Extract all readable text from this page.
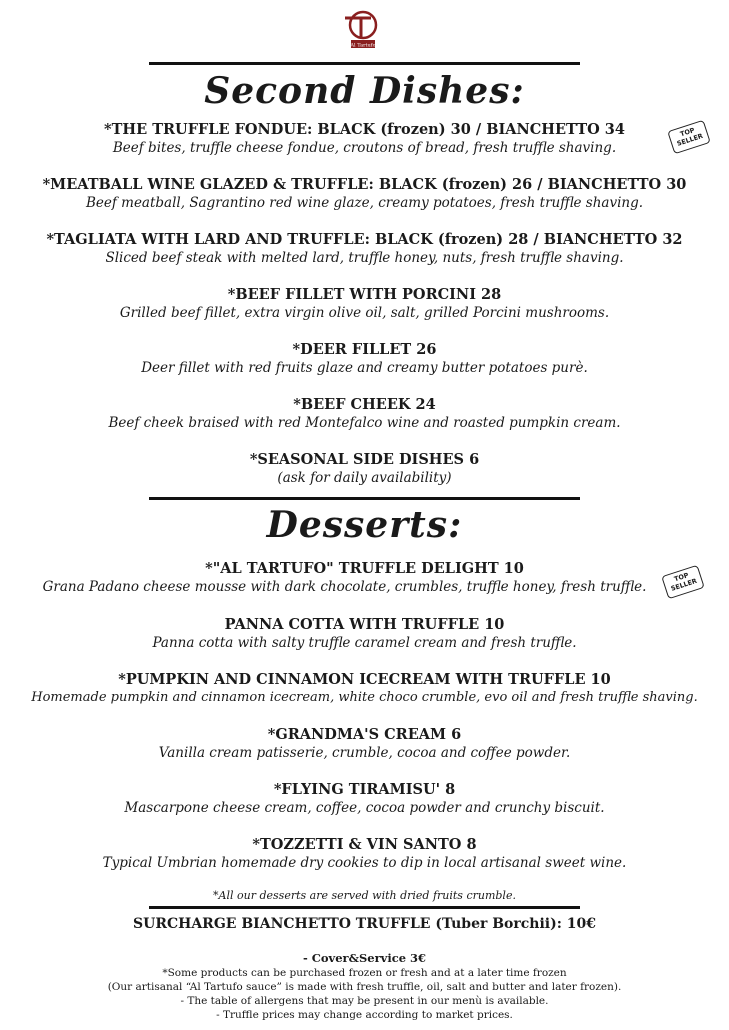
Al Tartufo
Second Dishes:
*THE TRUFFLE FONDUE: BLACK (frozen) 30 / BIANCHETTO 34
Beef bites, truffle cheese fondue, croutons of bread, fresh truffle shaving.
TOP SELLER
*MEATBALL WINE GLAZED & TRUFFLE: BLACK (frozen) 26 / BIANCHETTO 30
Beef meatball, Sagrantino red wine glaze, creamy potatoes, fresh truffle shaving.
*TAGLIATA WITH LARD AND TRUFFLE: BLACK (frozen) 28 / BIANCHETTO 32
Sliced beef steak with melted lard, truffle honey, nuts, fresh truffle shaving.
*BEEF FILLET WITH PORCINI 28
Grilled beef fillet, extra virgin olive oil, salt, grilled Porcini mushrooms.
*DEER FILLET 26
Deer fillet with red fruits glaze and creamy butter potatoes purè.
*BEEF CHEEK 24
Beef cheek braised with red Montefalco wine and roasted pumpkin cream.
*SEASONAL SIDE DISHES 6
(ask for daily availability)
Desserts:
*"AL TARTUFO" TRUFFLE DELIGHT 10
Grana Padano cheese mousse with dark chocolate, crumbles, truffle honey, fresh truffle.
TOP SELLER
PANNA COTTA WITH TRUFFLE 10
Panna cotta with salty truffle caramel cream and fresh truffle.
*PUMPKIN AND CINNAMON ICECREAM WITH TRUFFLE 10
Homemade pumpkin and cinnamon icecream, white choco crumble, evo oil and fresh truffle shaving.
*GRANDMA'S CREAM 6
Vanilla cream patisserie, crumble, cocoa and coffee powder.
*FLYING TIRAMISU' 8
Mascarpone cheese cream, coffee, cocoa powder and crunchy biscuit.
*TOZZETTI & VIN SANTO 8
Typical Umbrian homemade dry cookies to dip in local artisanal sweet wine.
*All our desserts are served with dried fruits crumble.
SURCHARGE BIANCHETTO TRUFFLE (Tuber Borchii): 10€
- Cover&Service 3€
*Some products can be purchased frozen or fresh and at a later time frozen
(Our artisanal “Al Tartufo sauce” is made with fresh truffle, oil, salt and butter and later frozen).
- The table of allergens that may be present in our menù is available.
- Truffle prices may change according to market prices.
